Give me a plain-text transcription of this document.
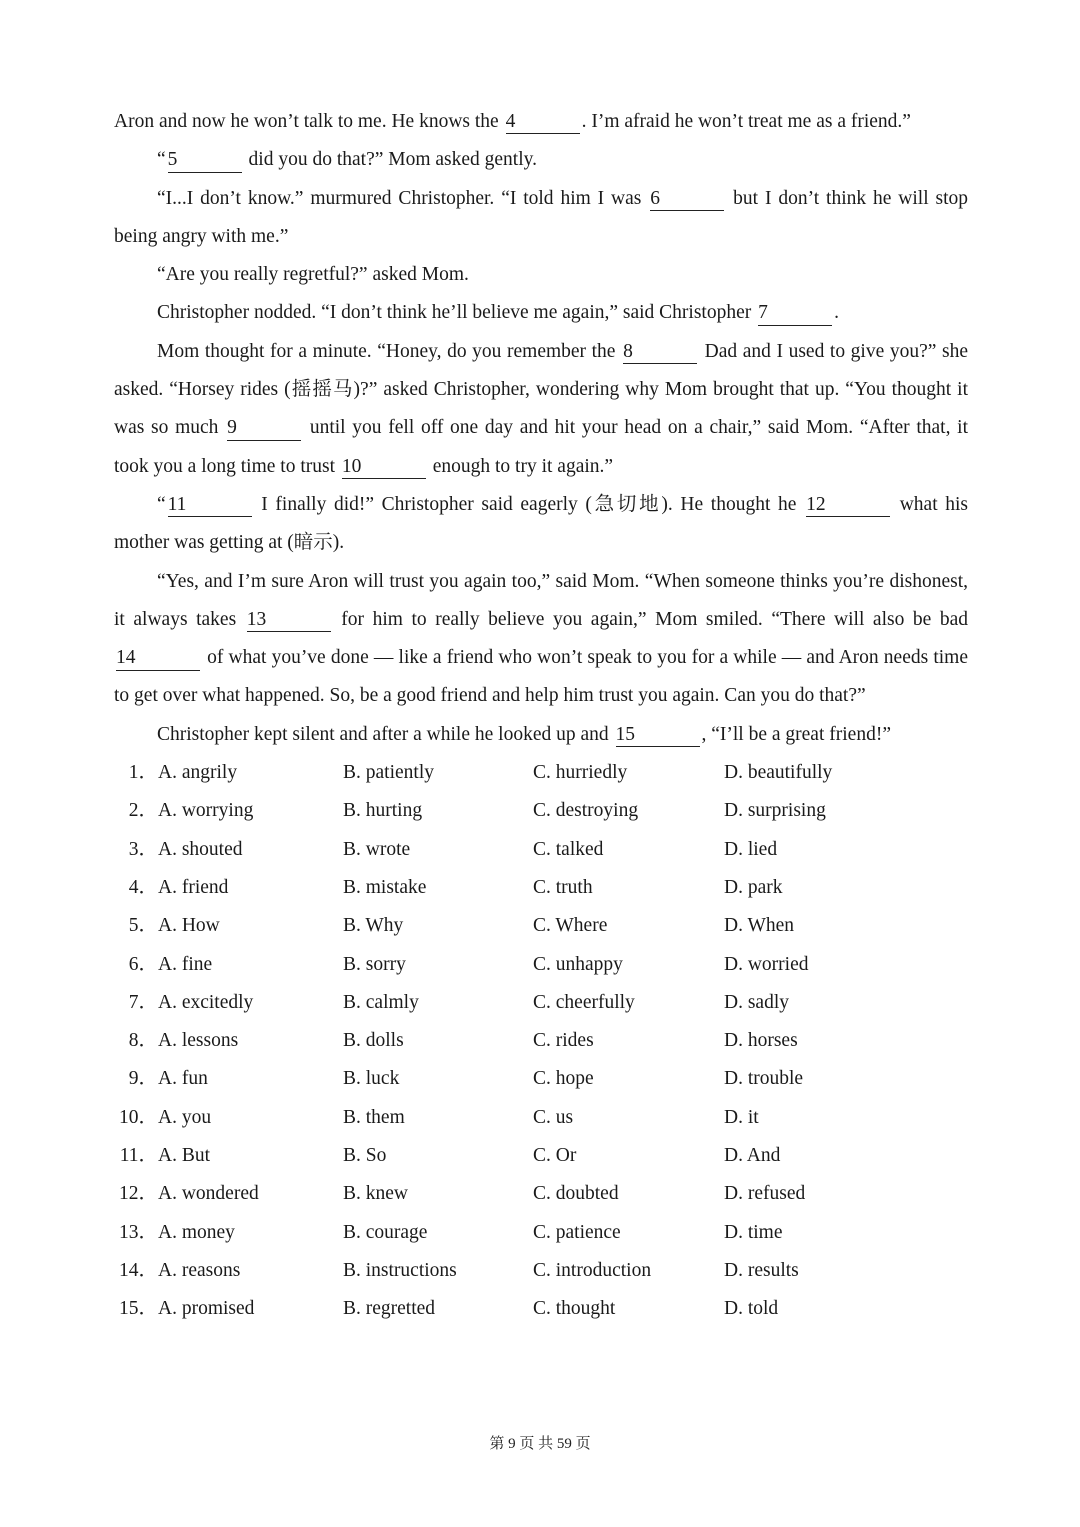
Aron and now he won’t talk to me. He knows the 4	. I’m afraid he won’t treat me as a friend.”

“ 5	did you do that?” Mom asked gently.

“I...I don’t know.” murmured Christopher. “I told him I was 6	but I don’t think he will stop being angry with me.”

“Are you really regretful?” asked Mom.

Christopher nodded. “I don’t think he’ll believe me again,” said Christopher 7	.

Mom thought for a minute. “Honey, do you remember the 8	Dad and I used to give you?” she asked. “Horsey rides (摇摇马)?” asked Christopher, wondering why Mom brought that up. “You thought it was so much 9	until you fell off one day and hit your head on a chair,” said Mom. “After that, it took you a long time to trust 10	enough to try it again.”

“ 11	I finally did!” Christopher said eagerly (急切地). He thought he 12	what his mother was getting at (暗示).

“Yes, and I’m sure Aron will trust you again too,” said Mom. “When someone thinks you’re dishonest, it always takes 13	for him to really believe you again,” Mom smiled. “There will also be bad 14	of what you’ve done — like a friend who won’t speak to you for a while — and Aron needs time to get over what happened. So, be a good friend and help him trust you again. Can you do that?”

Christopher kept silent and after a while he looked up and 15	, “I’ll be a great friend!”

1． A. angrily	B. patiently	C. hurriedly	D. beautifully
2． A. worrying	B. hurting	C. destroying	D. surprising
3． A. shouted	B. wrote	C. talked	D. lied
4． A. friend	B. mistake	C. truth	D. park
5． A. How	B. Why	C. Where	D. When
6． A. fine	B. sorry	C. unhappy	D. worried
7． A. excitedly	B. calmly	C. cheerfully	D. sadly
8． A. lessons	B. dolls	C. rides	D. horses
9． A. fun	B. luck	C. hope	D. trouble
10． A. you	B. them	C. us	D. it
11． A. But	B. So	C. Or	D. And
12． A. wondered	B. knew	C. doubted	D. refused
13． A. money	B. courage	C. patience	D. time
14． A. reasons	B. instructions	C. introduction	D. results
15． A. promised	B. regretted	C. thought	D. told
第 9 页 共 59 页
